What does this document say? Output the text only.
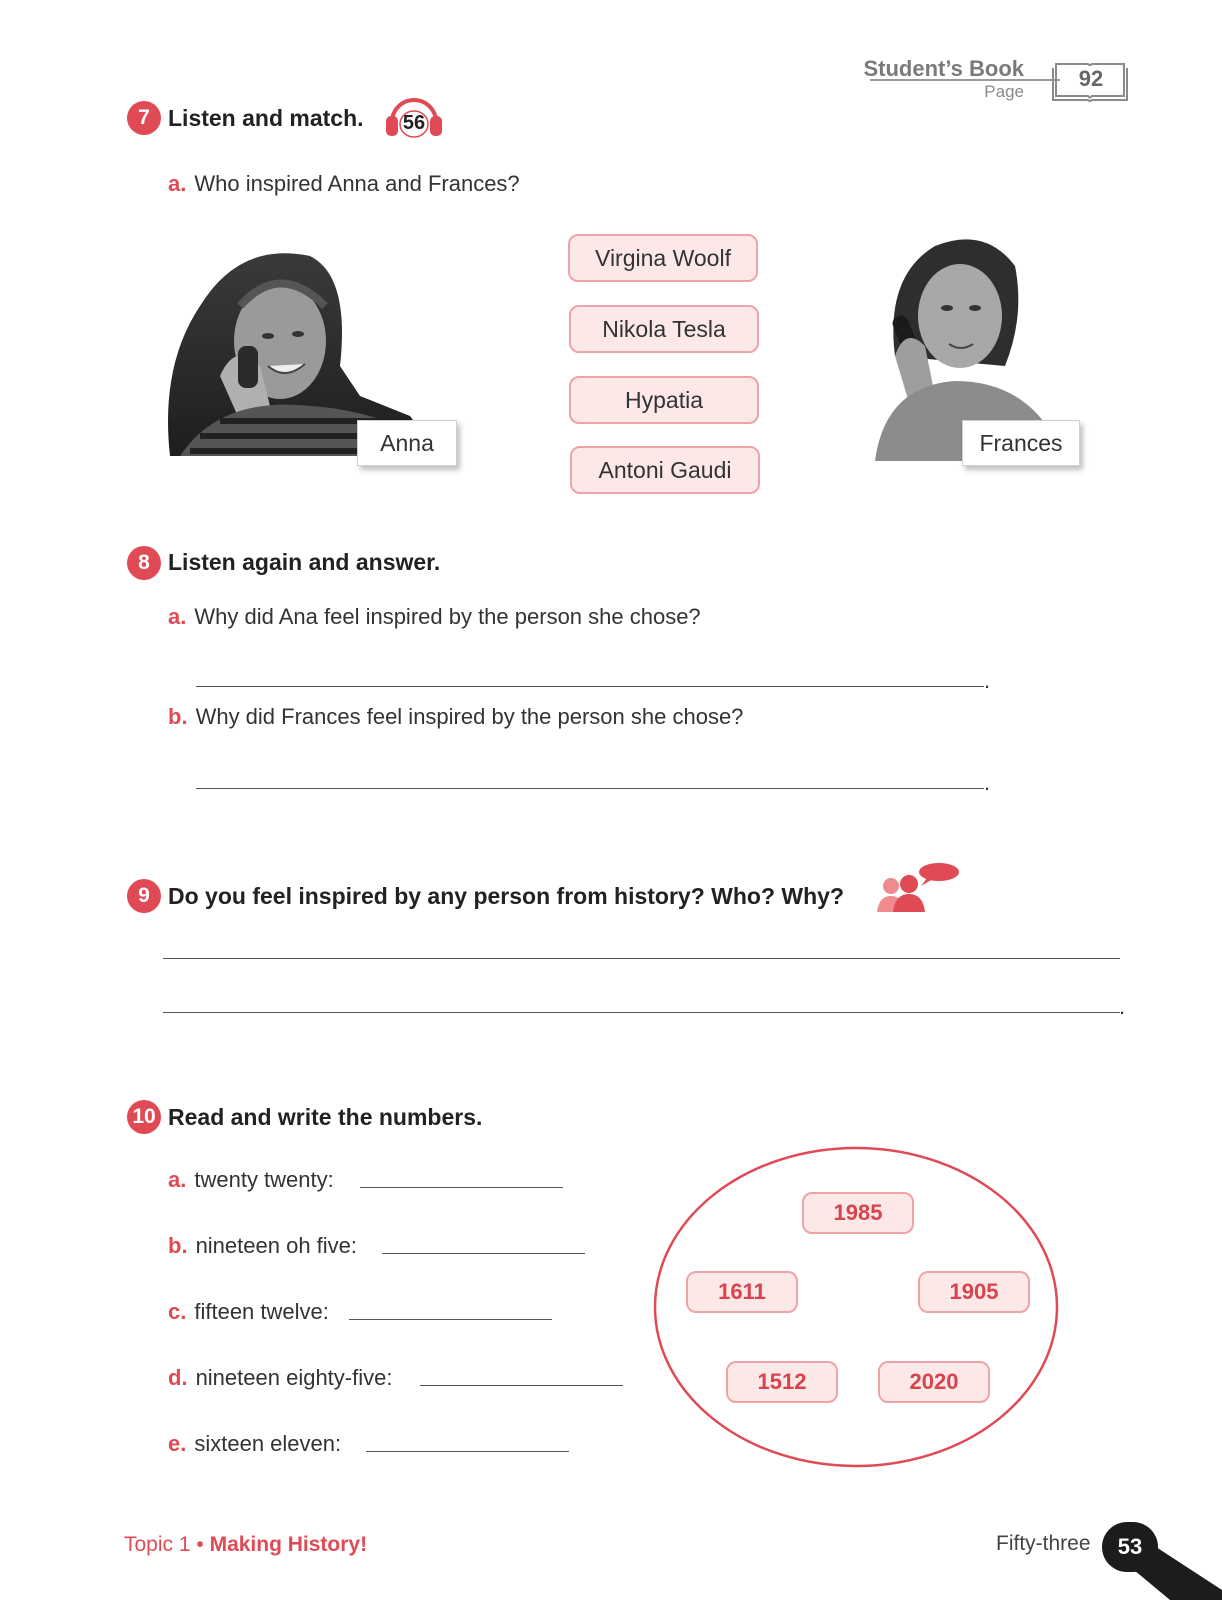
Student’s Book
Page
92
7 Listen and match. 56
a. Who inspired Anna and Frances?
Anna	Frances
Virgina Woolf
Nikola Tesla
Hypatia
Antoni Gaudi
8 Listen again and answer.
a. Why did Ana feel inspired by the person she chose?
.
b. Why did Frances feel inspired by the person she chose?
.
9 Do you feel inspired by any person from history? Who? Why?
.
10 Read and write the numbers.
a. twenty twenty:
b. nineteen oh five:
c. fifteen twelve:
d. nineteen eighty-five:
e. sixteen eleven:
1985
1611	1905
1512	2020
Topic 1 • Making History!	Fifty-three	53
